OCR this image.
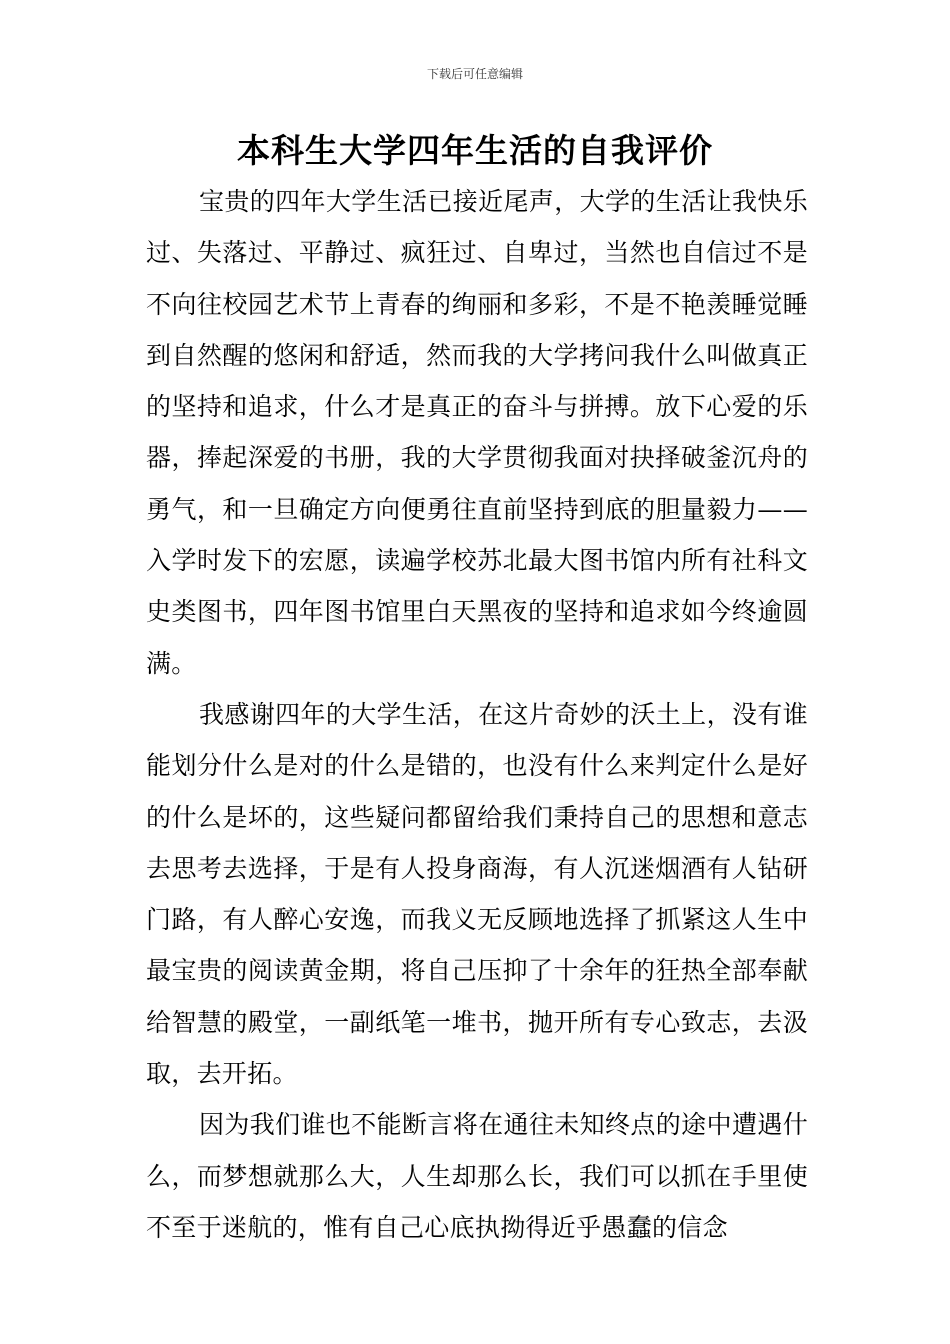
下载后可任意编辑
本科生大学四年生活的自我评价

宝贵的四年大学生活已接近尾声，大学的生活让我快乐过、失落过、平静过、疯狂过、自卑过，当然也自信过不是不向往校园艺术节上青春的绚丽和多彩，不是不艳羡睡觉睡到自然醒的悠闲和舒适，然而我的大学拷问我什么叫做真正的坚持和追求，什么才是真正的奋斗与拼搏。放下心爱的乐器，捧起深爱的书册，我的大学贯彻我面对抉择破釜沉舟的勇气，和一旦确定方向便勇往直前坚持到底的胆量毅力——入学时发下的宏愿，读遍学校苏北最大图书馆内所有社科文史类图书，四年图书馆里白天黑夜的坚持和追求如今终逾圆满。

我感谢四年的大学生活，在这片奇妙的沃土上，没有谁能划分什么是对的什么是错的，也没有什么来判定什么是好的什么是坏的，这些疑问都留给我们秉持自己的思想和意志去思考去选择，于是有人投身商海，有人沉迷烟酒有人钻研门路，有人醉心安逸，而我义无反顾地选择了抓紧这人生中最宝贵的阅读黄金期，将自己压抑了十余年的狂热全部奉献给智慧的殿堂，一副纸笔一堆书，抛开所有专心致志，去汲取，去开拓。

因为我们谁也不能断言将在通往未知终点的途中遭遇什么，而梦想就那么大，人生却那么长，我们可以抓在手里使不至于迷航的，惟有自己心底执拗得近乎愚蠢的信念
